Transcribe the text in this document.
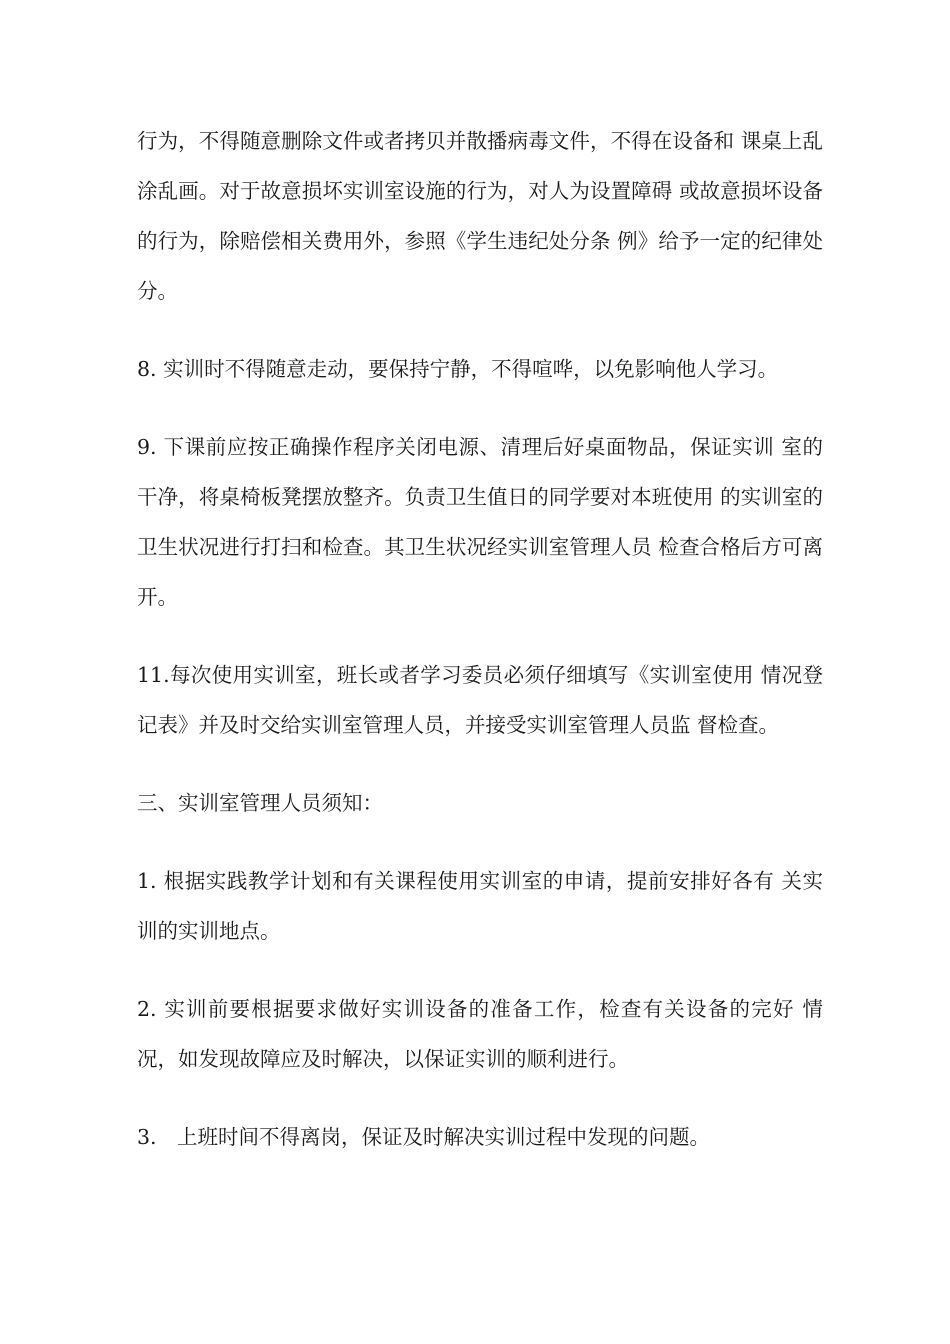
行为，不得随意删除文件或者拷贝并散播病毒文件，不得在设备和 课桌上乱涂乱画。对于故意损坏实训室设施的行为，对人为设置障碍 或故意损坏设备的行为，除赔偿相关费用外，参照《学生违纪处分条 例》给予一定的纪律处分。

8. 实训时不得随意走动，要保持宁静，不得喧哗，以免影响他人学习。

9. 下课前应按正确操作程序关闭电源、清理后好桌面物品，保证实训 室的干净，将桌椅板凳摆放整齐。负责卫生值日的同学要对本班使用 的实训室的卫生状况进行打扫和检查。其卫生状况经实训室管理人员 检查合格后方可离开。

11.每次使用实训室，班长或者学习委员必须仔细填写《实训室使用 情况登记表》并及时交给实训室管理人员，并接受实训室管理人员监 督检查。

三、实训室管理人员须知：

1. 根据实践教学计划和有关课程使用实训室的申请，提前安排好各有 关实训的实训地点。

2. 实训前要根据要求做好实训设备的准备工作，检查有关设备的完好 情况，如发现故障应及时解决，以保证实训的顺利进行。

3.　上班时间不得离岗，保证及时解决实训过程中发现的问题。
